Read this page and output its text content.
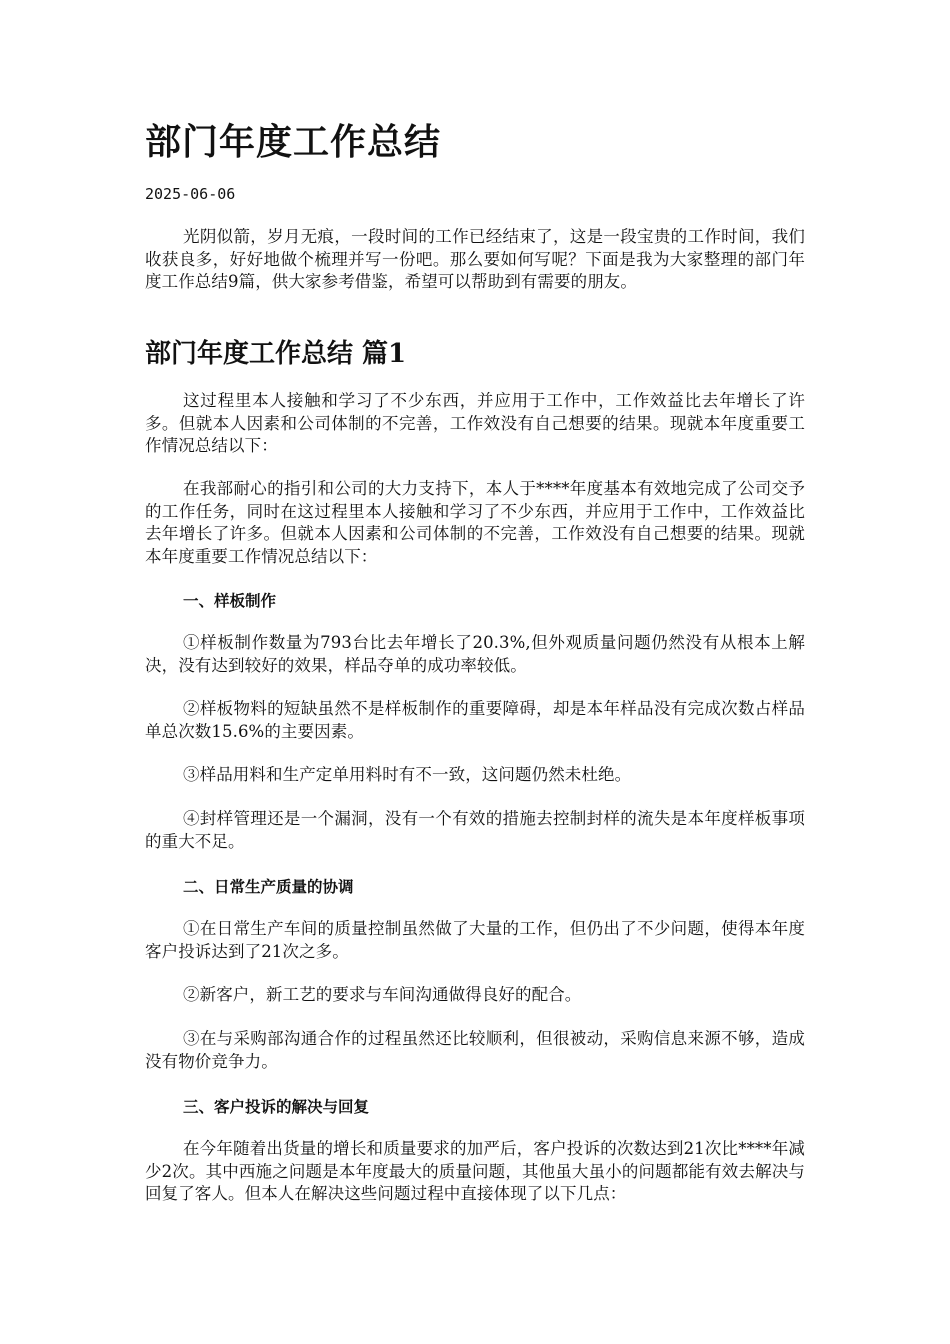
部门年度工作总结
2025-06-06

光阴似箭，岁月无痕，一段时间的工作已经结束了，这是一段宝贵的工作时间，我们收获良多，好好地做个梳理并写一份吧。那么要如何写呢？下面是我为大家整理的部门年度工作总结9篇，供大家参考借鉴，希望可以帮助到有需要的朋友。

部门年度工作总结 篇1

这过程里本人接触和学习了不少东西，并应用于工作中，工作效益比去年增长了许多。但就本人因素和公司体制的不完善，工作效没有自己想要的结果。现就本年度重要工作情况总结以下：

在我部耐心的指引和公司的大力支持下，本人于****年度基本有效地完成了公司交予的工作任务，同时在这过程里本人接触和学习了不少东西，并应用于工作中，工作效益比去年增长了许多。但就本人因素和公司体制的不完善，工作效没有自己想要的结果。现就本年度重要工作情况总结以下：

一、样板制作

①样板制作数量为793台比去年增长了20.3%,但外观质量问题仍然没有从根本上解决，没有达到较好的效果，样品夺单的成功率较低。

②样板物料的短缺虽然不是样板制作的重要障碍，却是本年样品没有完成次数占样品单总次数15.6%的主要因素。

③样品用料和生产定单用料时有不一致，这问题仍然未杜绝。

④封样管理还是一个漏洞，没有一个有效的措施去控制封样的流失是本年度样板事项的重大不足。

二、日常生产质量的协调

①在日常生产车间的质量控制虽然做了大量的工作，但仍出了不少问题，使得本年度客户投诉达到了21次之多。

②新客户，新工艺的要求与车间沟通做得良好的配合。

③在与采购部沟通合作的过程虽然还比较顺利，但很被动，采购信息来源不够，造成没有物价竞争力。

三、客户投诉的解决与回复

在今年随着出货量的增长和质量要求的加严后，客户投诉的次数达到21次比****年减少2次。其中西施之问题是本年度最大的质量问题，其他虽大虽小的问题都能有效去解决与回复了客人。但本人在解决这些问题过程中直接体现了以下几点：
